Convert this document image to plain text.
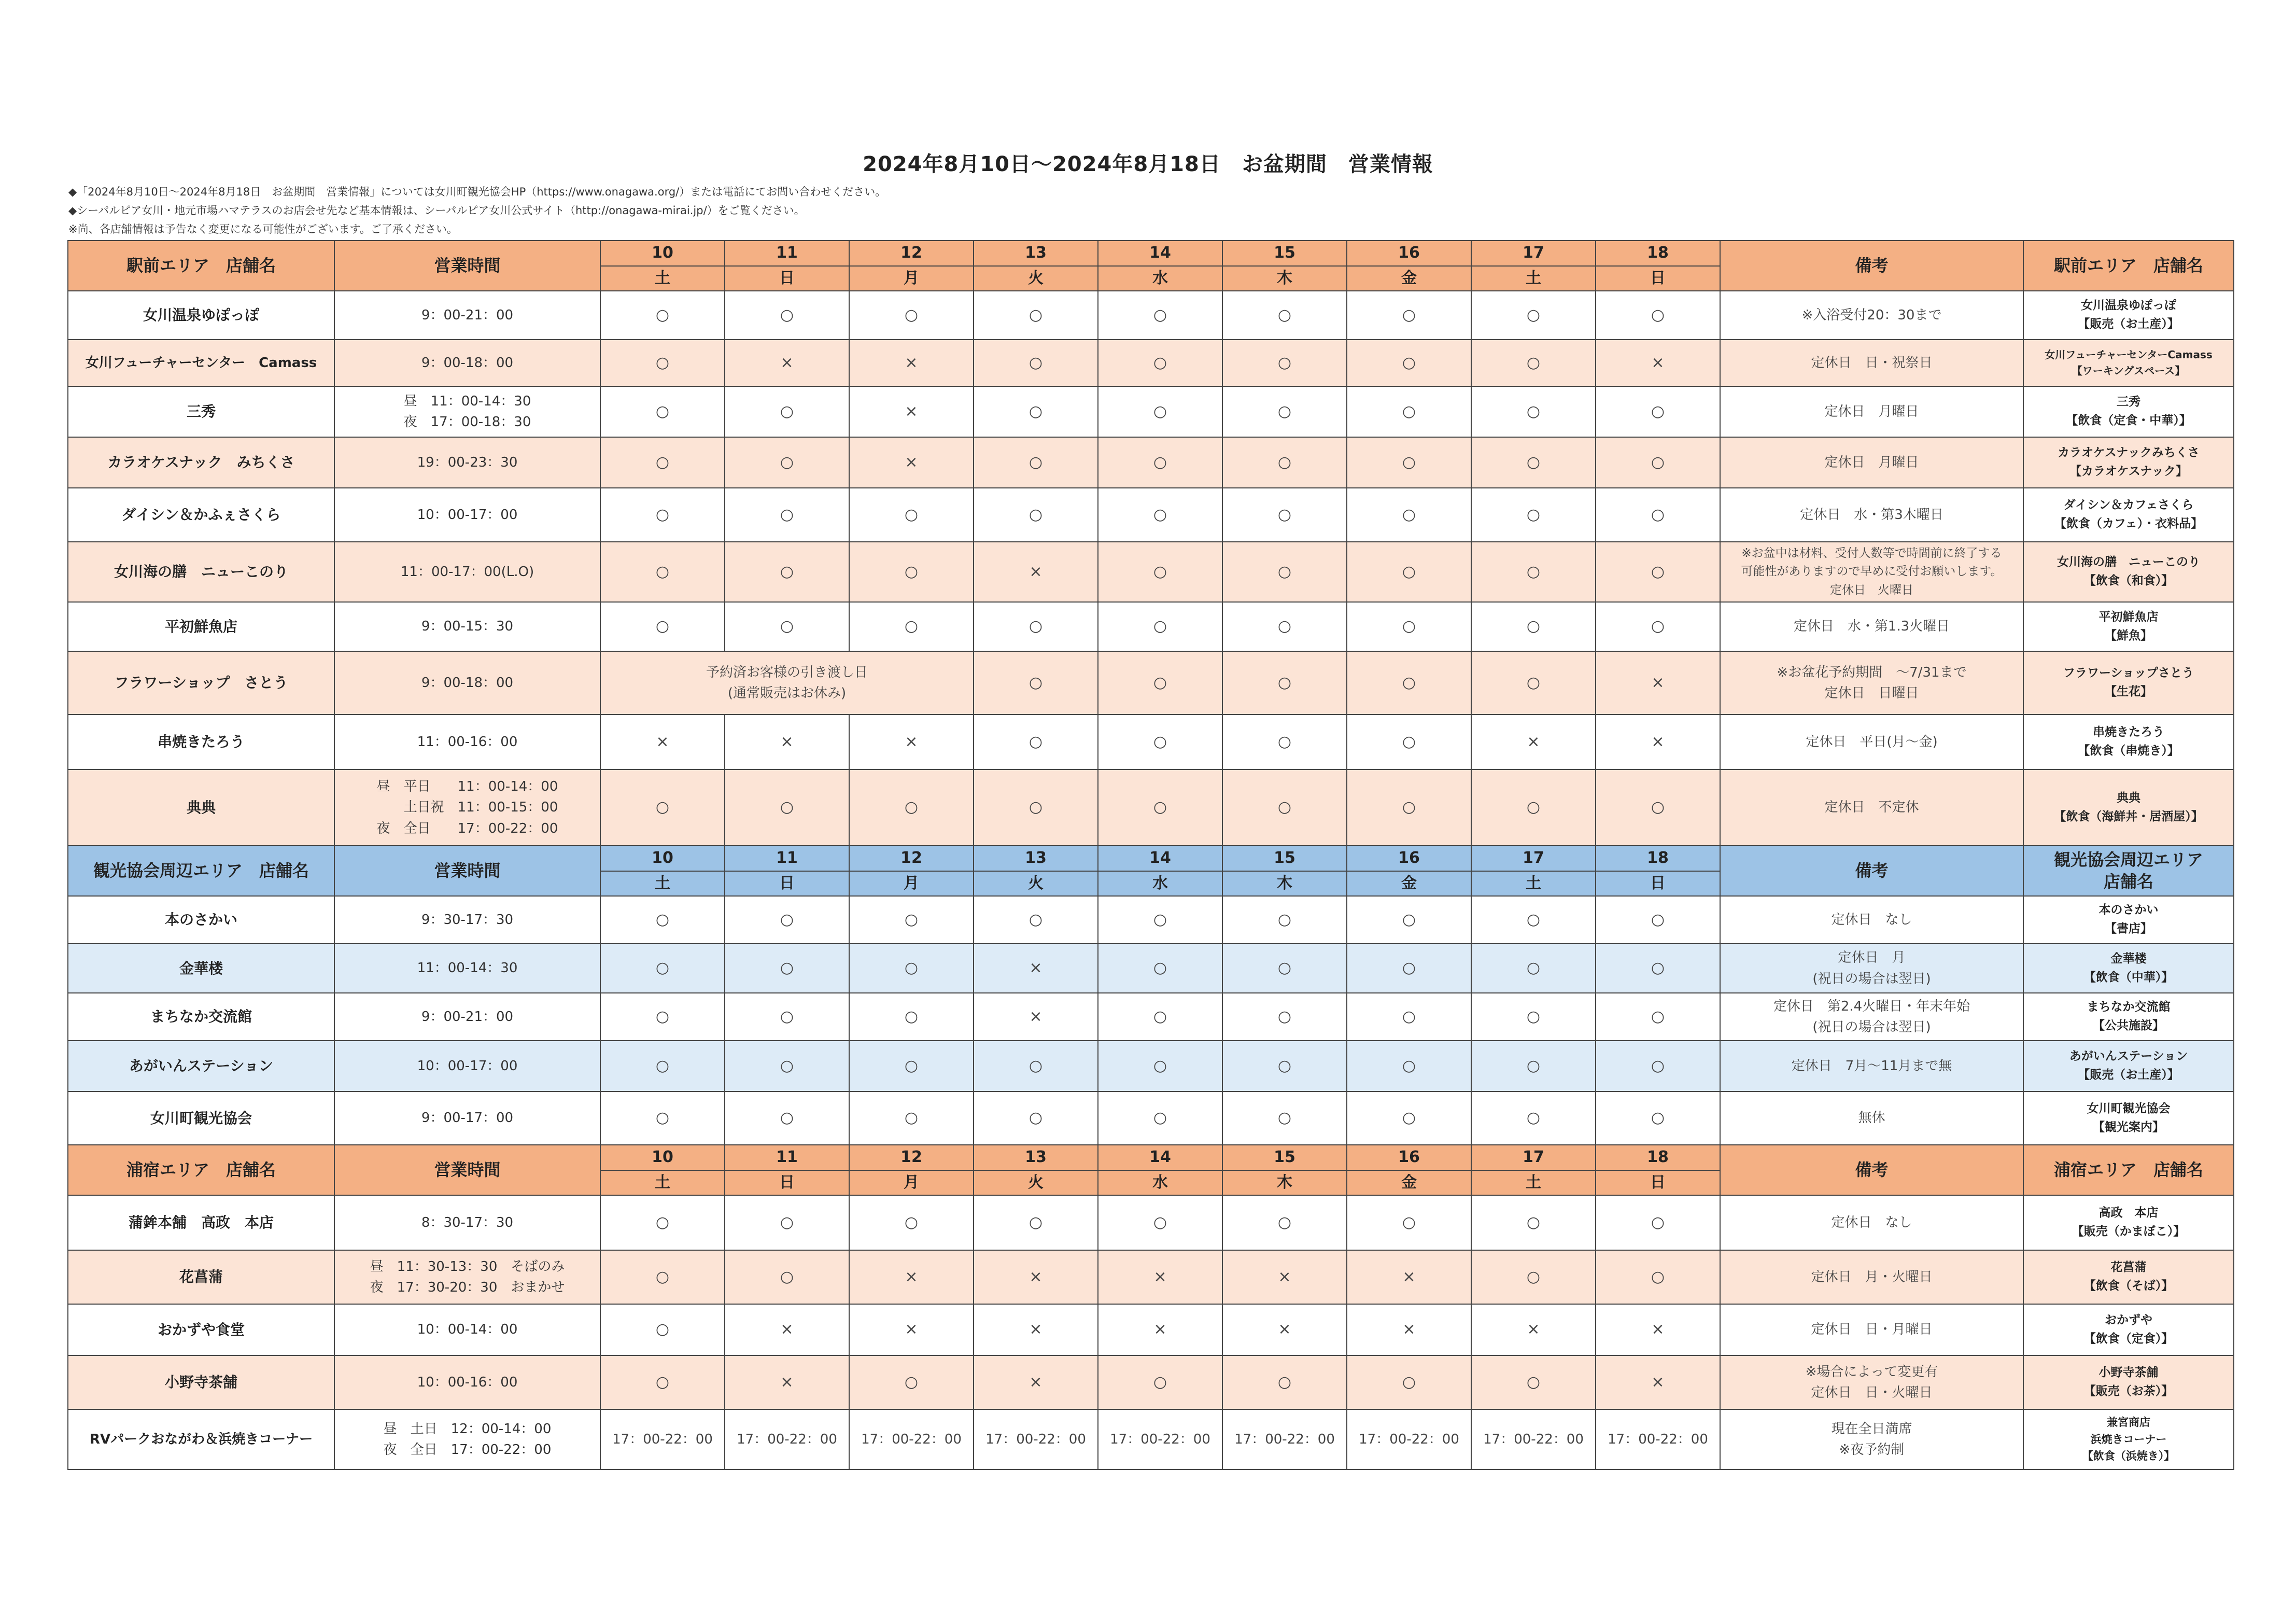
2024年8月10日～2024年8月18日　お盆期間　営業情報
◆「2024年8月10日～2024年8月18日　お盆期間　営業情報」については女川町観光協会HP（https://www.onagawa.org/）または電話にてお問い合わせください。
◆シーパルピア女川・地元市場ハマテラスのお店会せ先など基本情報は、シーパルピア女川公式サイト（http://onagawa-mirai.jp/）をご覧ください。
※尚、各店舗情報は予告なく変更になる可能性がございます。ご了承ください。
駅前エリア　店舗名	営業時間	10	11	12	13	14	15	16	17	18	備考	駅前エリア　店舗名
		土	日	月	火	水	木	金	土	日		
女川温泉ゆぽっぽ	9：00-21：00	○	○	○	○	○	○	○	○	○	※入浴受付20：30まで	女川温泉ゆぽっぽ
【販売（お土産）】

女川フューチャーセンター　Camass	9：00-18：00	○	×	×	○	○	○	○	○	×	定休日　日・祝祭日	女川フューチャーセンターCamass
【ワーキングスペース】

三秀	昼　11：00-14：30
夜　17：00-18：30	○	○	×	○	○	○	○	○	○	定休日　月曜日	三秀
【飲食（定食・中華）】

カラオケスナック　みちくさ	19：00-23：30	○	○	×	○	○	○	○	○	○	定休日　月曜日	カラオケスナックみちくさ
【カラオケスナック】

ダイシン＆かふぇさくら	10：00-17：00	○	○	○	○	○	○	○	○	○	定休日　水・第3木曜日	ダイシン＆カフェさくら
【飲食（カフェ）・衣料品】

女川海の膳　ニューこのり	11：00-17：00(L.O)	○	○	○	×	○	○	○	○	○	※お盆中は材料、受付人数等で時間前に終了する
可能性がありますので早めに受付お願いします。
定休日　火曜日	女川海の膳　ニューこのり
【飲食（和食）】

平初鮮魚店	9：00-15：30	○	○	○	○	○	○	○	○	○	定休日　水・第1.3火曜日	平初鮮魚店
【鮮魚】

フラワーショップ　さとう	9：00-18：00	予約済お客様の引き渡し日
(通常販売はお休み)			○	○	○	○	○	×	※お盆花予約期間　～7/31まで
定休日　日曜日	フラワーショップさとう
【生花】

串焼きたろう	11：00-16：00	×	×	×	○	○	○	○	×	×	定休日　平日(月～金)	串焼きたろう
【飲食（串焼き）】

典典	昼　平日　　11：00-14：00
　　土日祝　11：00-15：00
夜　全日　　17：00-22：00	○	○	○	○	○	○	○	○	○	定休日　不定休	典典
【飲食（海鮮丼・居酒屋）】

観光協会周辺エリア　店舗名	営業時間	10	11	12	13	14	15	16	17	18	備考	観光協会周辺エリア
店舗名

		土	日	月	火	水	木	金	土	日		
本のさかい	9：30-17：30	○	○	○	○	○	○	○	○	○	定休日　なし	本のさかい
【書店】

金華楼	11：00-14：30	○	○	○	×	○	○	○	○	○	定休日　月
(祝日の場合は翌日)	金華楼
【飲食（中華）】

まちなか交流館	9：00-21：00	○	○	○	×	○	○	○	○	○	定休日　第2.4火曜日・年末年始
(祝日の場合は翌日)	まちなか交流館
【公共施設】

あがいんステーション	10：00-17：00	○	○	○	○	○	○	○	○	○	定休日　7月～11月まで無	あがいんステーション
【販売（お土産）】

女川町観光協会	9：00-17：00	○	○	○	○	○	○	○	○	○	無休	女川町観光協会
【観光案内】

浦宿エリア　店舗名	営業時間	10	11	12	13	14	15	16	17	18	備考	浦宿エリア　店舗名
		土	日	月	火	水	木	金	土	日		
蒲鉾本舗　高政　本店	8：30-17：30	○	○	○	○	○	○	○	○	○	定休日　なし	高政　本店
【販売（かまぼこ）】

花菖蒲	昼　11：30-13：30　そばのみ
夜　17：30-20：30　おまかせ	○	○	×	×	×	×	×	○	○	定休日　月・火曜日	花菖蒲
【飲食（そば）】

おかずや食堂	10：00-14：00	○	×	×	×	×	×	×	×	×	定休日　日・月曜日	おかずや
【飲食（定食）】

小野寺茶舗	10：00-16：00	○	×	○	×	○	○	○	○	×	※場合によって変更有
定休日　日・火曜日	小野寺茶舗
【販売（お茶）】

RVパークおながわ＆浜焼きコーナー	昼　土日　12：00-14：00
夜　全日　17：00-22：00	17：00-22：00	17：00-22：00	17：00-22：00	17：00-22：00	17：00-22：00	17：00-22：00	17：00-22：00	17：00-22：00	17：00-22：00	現在全日満席
※夜予約制	兼宮商店
浜焼きコーナー
【飲食（浜焼き）】
